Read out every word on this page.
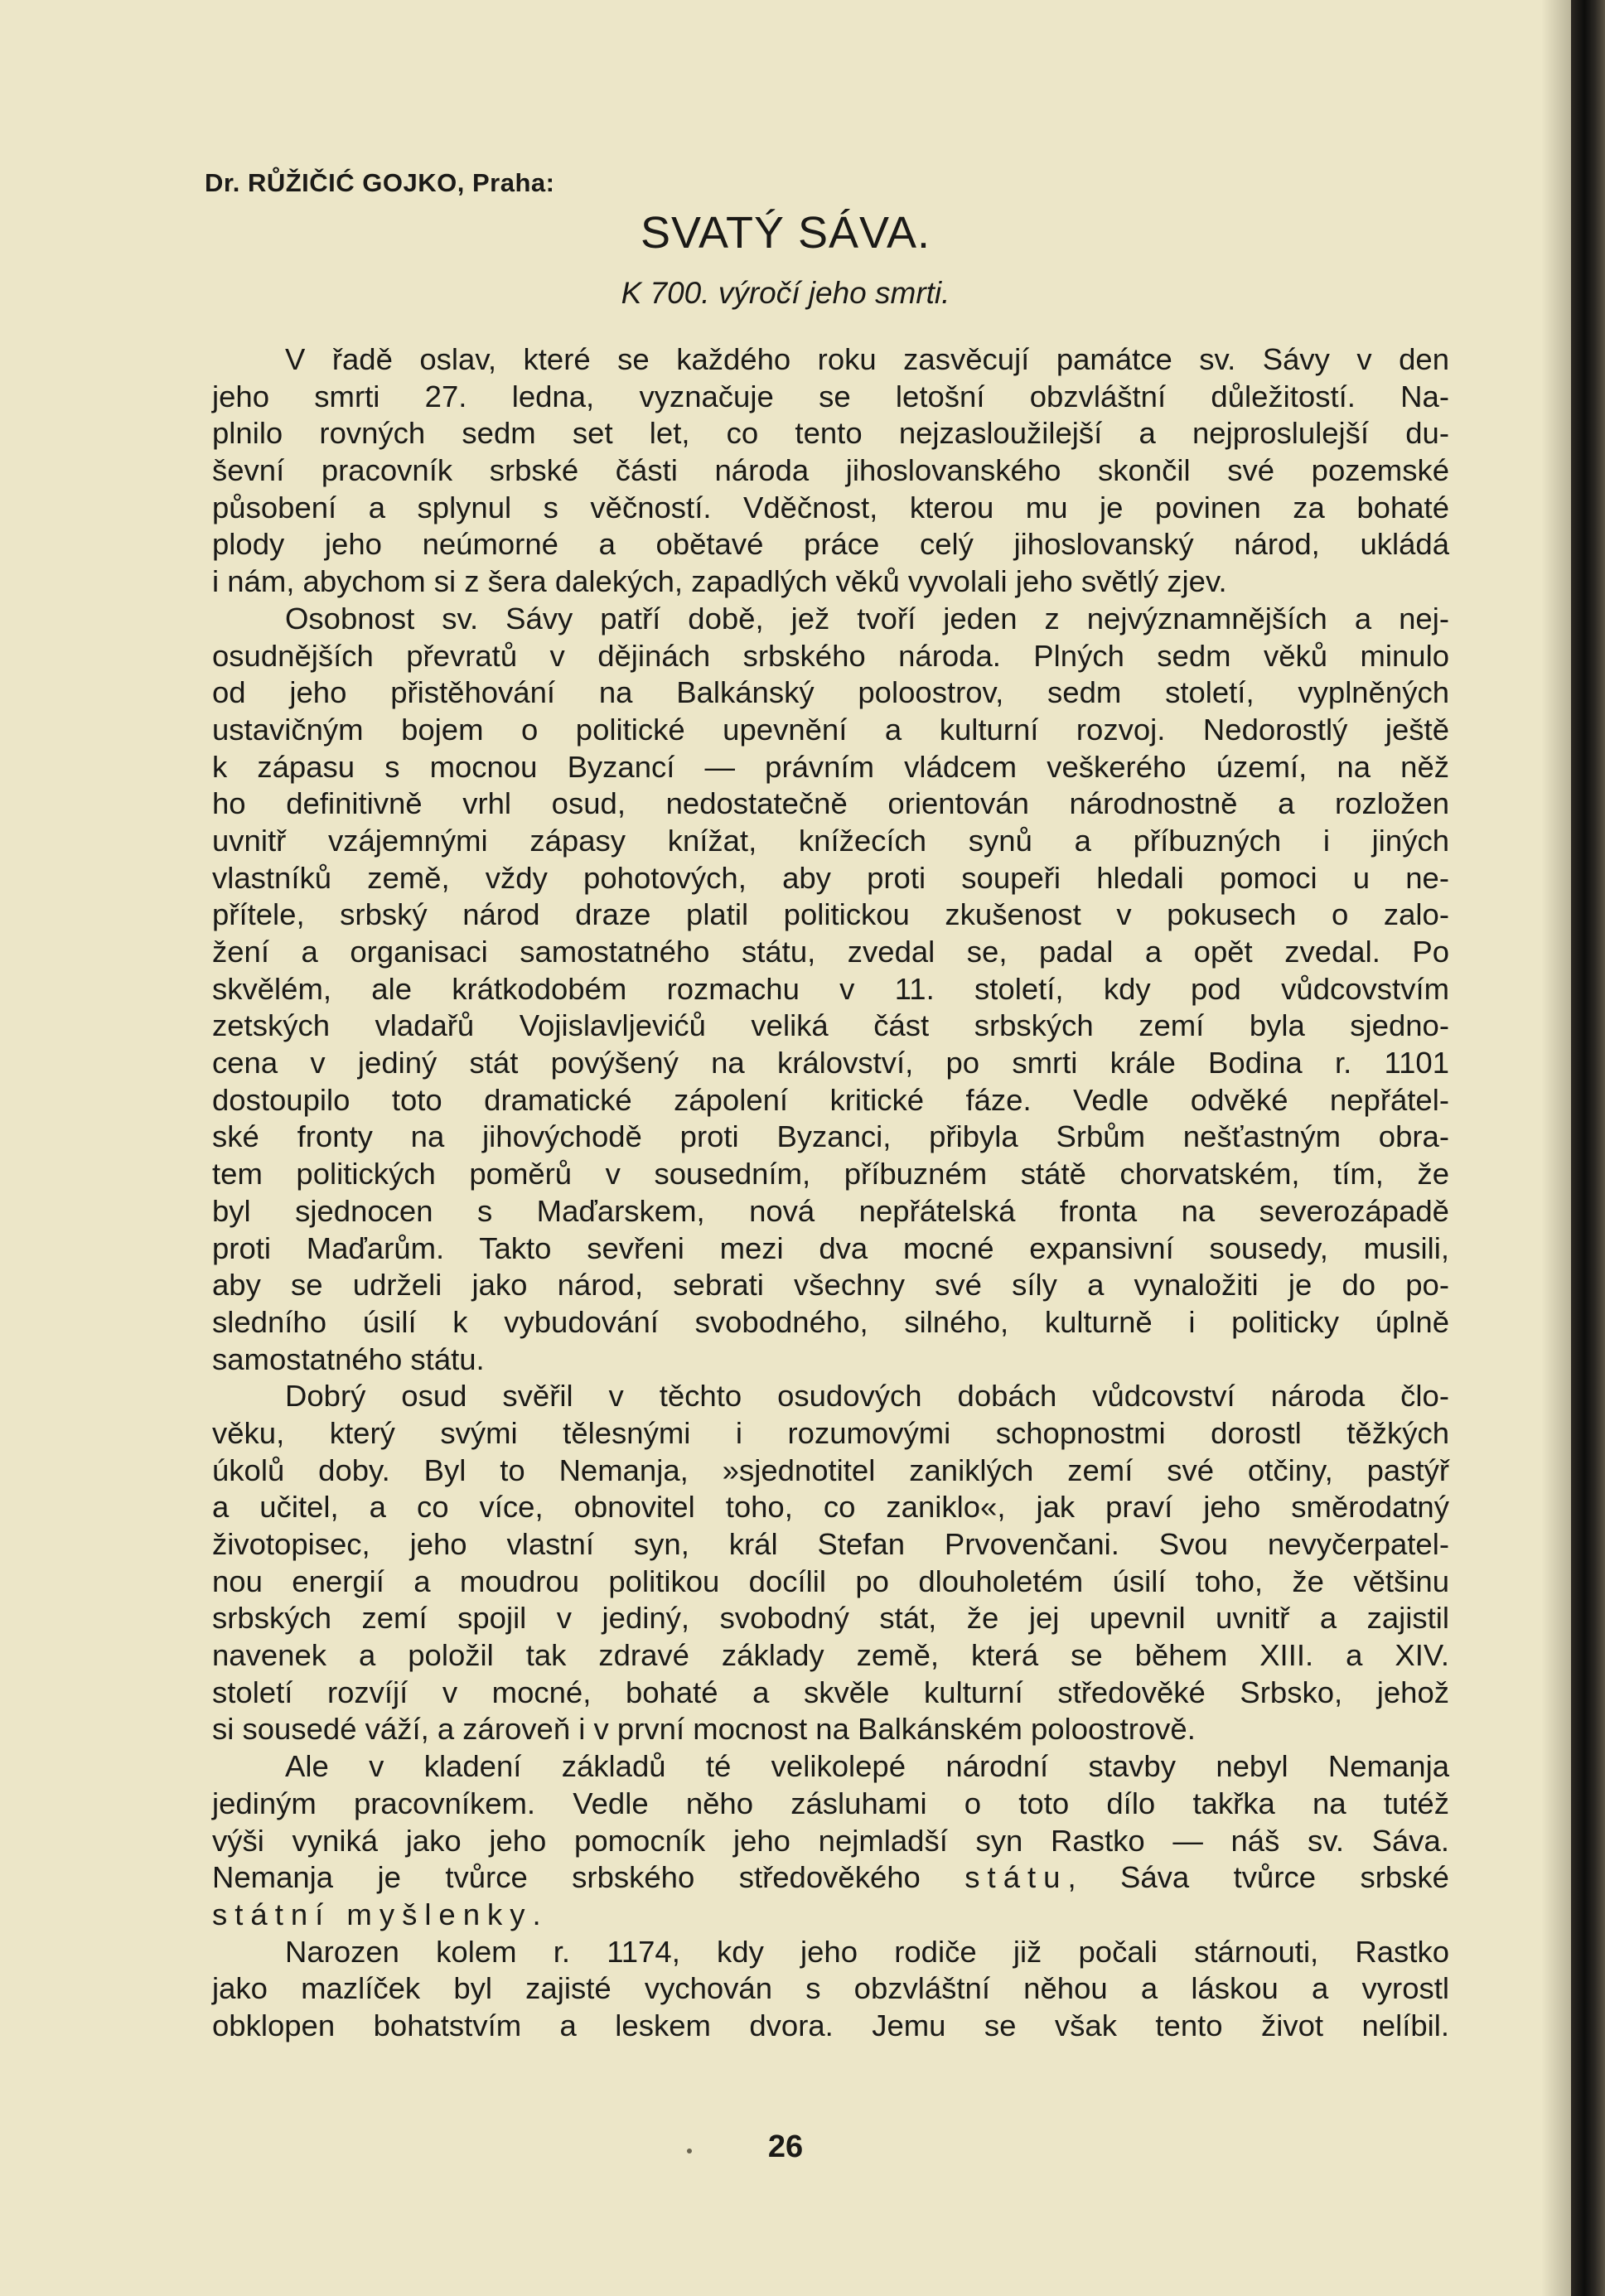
Dr. RŮŽIČIĆ GOJKO, Praha:
SVATÝ SÁVA.
K 700. výročí jeho smrti.
V řadě oslav, které se každého roku zasvěcují památce sv. Sávy v den
jeho smrti 27. ledna, vyznačuje se letošní obzvláštní důležitostí. Na-
plnilo rovných sedm set let, co tento nejzasloužilejší a nejproslulejší du-
ševní pracovník srbské části národa jihoslovanského skončil své pozemské
působení a splynul s věčností. Vděčnost, kterou mu je povinen za bohaté
plody jeho neúmorné a obětavé práce celý jihoslovanský národ, ukládá
i nám, abychom si z šera dalekých, zapadlých věků vyvolali jeho světlý zjev.
Osobnost sv. Sávy patří době, jež tvoří jeden z nejvýznamnějších a nej-
osudnějších převratů v dějinách srbského národa. Plných sedm věků minulo
od jeho přistěhování na Balkánský poloostrov, sedm století, vyplněných
ustavičným bojem o politické upevnění a kulturní rozvoj. Nedorostlý ještě
k zápasu s mocnou Byzancí — právním vládcem veškerého území, na něž
ho definitivně vrhl osud, nedostatečně orientován národnostně a rozložen
uvnitř vzájemnými zápasy knížat, knížecích synů a příbuzných i jiných
vlastníků země, vždy pohotových, aby proti soupeři hledali pomoci u ne-
přítele, srbský národ draze platil politickou zkušenost v pokusech o zalo-
žení a organisaci samostatného státu, zvedal se, padal a opět zvedal. Po
skvělém, ale krátkodobém rozmachu v 11. století, kdy pod vůdcovstvím
zetských vladařů Vojislavljevićů veliká část srbských zemí byla sjedno-
cena v jediný stát povýšený na království, po smrti krále Bodina r. 1101
dostoupilo toto dramatické zápolení kritické fáze. Vedle odvěké nepřátel-
ské fronty na jihovýchodě proti Byzanci, přibyla Srbům nešťastným obra-
tem politických poměrů v sousedním, příbuzném státě chorvatském, tím, že
byl sjednocen s Maďarskem, nová nepřátelská fronta na severozápadě
proti Maďarům. Takto sevřeni mezi dva mocné expansivní sousedy, musili,
aby se udrželi jako národ, sebrati všechny své síly a vynaložiti je do po-
sledního úsilí k vybudování svobodného, silného, kulturně i politicky úplně
samostatného státu.
Dobrý osud svěřil v těchto osudových dobách vůdcovství národa člo-
věku, který svými tělesnými i rozumovými schopnostmi dorostl těžkých
úkolů doby. Byl to Nemanja, »sjednotitel zaniklých zemí své otčiny, pastýř
a učitel, a co více, obnovitel toho, co zaniklo«, jak praví jeho směrodatný
životopisec, jeho vlastní syn, král Stefan Prvovenčani. Svou nevyčerpatel-
nou energií a moudrou politikou docílil po dlouholetém úsilí toho, že většinu
srbských zemí spojil v jediný, svobodný stát, že jej upevnil uvnitř a zajistil
navenek a položil tak zdravé základy země, která se během XIII. a XIV.
století rozvíjí v mocné, bohaté a skvěle kulturní středověké Srbsko, jehož
si sousedé váží, a zároveň i v první mocnost na Balkánském poloostrově.
Ale v kladení základů té velikolepé národní stavby nebyl Nemanja
jediným pracovníkem. Vedle něho zásluhami o toto dílo takřka na tutéž
výši vyniká jako jeho pomocník jeho nejmladší syn Rastko — náš sv. Sáva.
Nemanja je tvůrce srbského středověkého státu, Sáva tvůrce srbské
státní myšlenky.
Narozen kolem r. 1174, kdy jeho rodiče již počali stárnouti, Rastko
jako mazlíček byl zajisté vychován s obzvláštní něhou a láskou a vyrostl
obklopen bohatstvím a leskem dvora. Jemu se však tento život nelíbil.
26
